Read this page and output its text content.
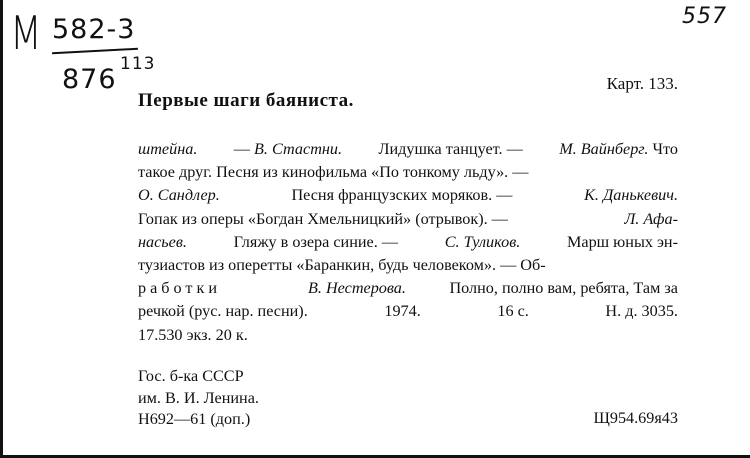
М 582-3
876 113
557
Карт. 133.
Первые шаги баяниста.
штейна. — В. Стастни. Лидушка танцует. — М. Вайнберг. Что
такое друг. Песня из кинофильма «По тонкому льду». —
О. Сандлер.	Песня французских моряков. —	К. Данькевич.
Гопак из оперы «Богдан Хмельницкий» (отрывок). —	Л. Афа-
насьев.	Гляжу в озера синие. —	С. Туликов.	Марш юных эн-
тузиастов из оперетты «Баранкин, будь человеком». — Об-
работки	В. Нестерова.	Полно, полно вам, ребята, Там за
речкой (рус. нар. песни).	1974.	16 с.	Н. д. 3035.
17.530 экз. 20 к.
Гос. б-ка СССР
им. В. И. Ленина.
Н692—61 (доп.)	Щ954.69я43
